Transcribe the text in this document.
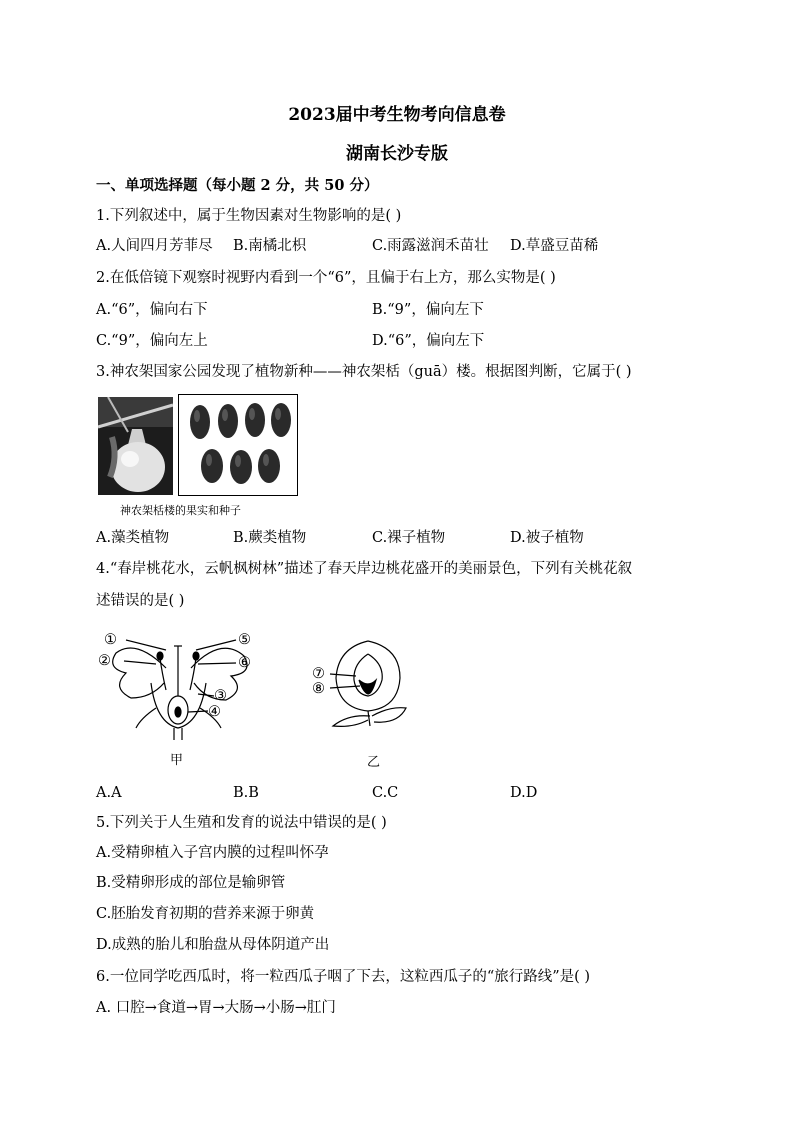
2023届中考生物考向信息卷
湖南长沙专版
一、单项选择题（每小题 2 分，共 50 分）
1.下列叙述中，属于生物因素对生物影响的是( )
A.人间四月芳菲尽 B.南橘北枳	C.雨露滋润禾苗壮 D.草盛豆苗稀
2.在低倍镜下观察时视野内看到一个“6”，且偏于右上方，那么实物是( )
A.“6”，偏向右下	B.“9”，偏向左下
C.“9”，偏向左上	D.“6”，偏向左下
3.神农架国家公园发现了植物新种——神农架栝（guā）楼。根据图判断，它属于( )
神农架栝楼的果实和种子
A.藻类植物	B.蕨类植物	C.裸子植物	D.被子植物
4.“春岸桃花水，云帆枫树林”描述了春天岸边桃花盛开的美丽景色，下列有关桃花叙
述错误的是( )
①
②
③
④
⑤
⑥
⑦
⑧
甲	乙
A.A	B.B	C.C	D.D
5.下列关于人生殖和发育的说法中错误的是( )
A.受精卵植入子宫内膜的过程叫怀孕
B.受精卵形成的部位是输卵管
C.胚胎发育初期的营养来源于卵黄
D.成熟的胎儿和胎盘从母体阴道产出
6.一位同学吃西瓜时，将一粒西瓜子咽了下去，这粒西瓜子的“旅行路线”是( )
A. 口腔→食道→胃→大肠→小肠→肛门
